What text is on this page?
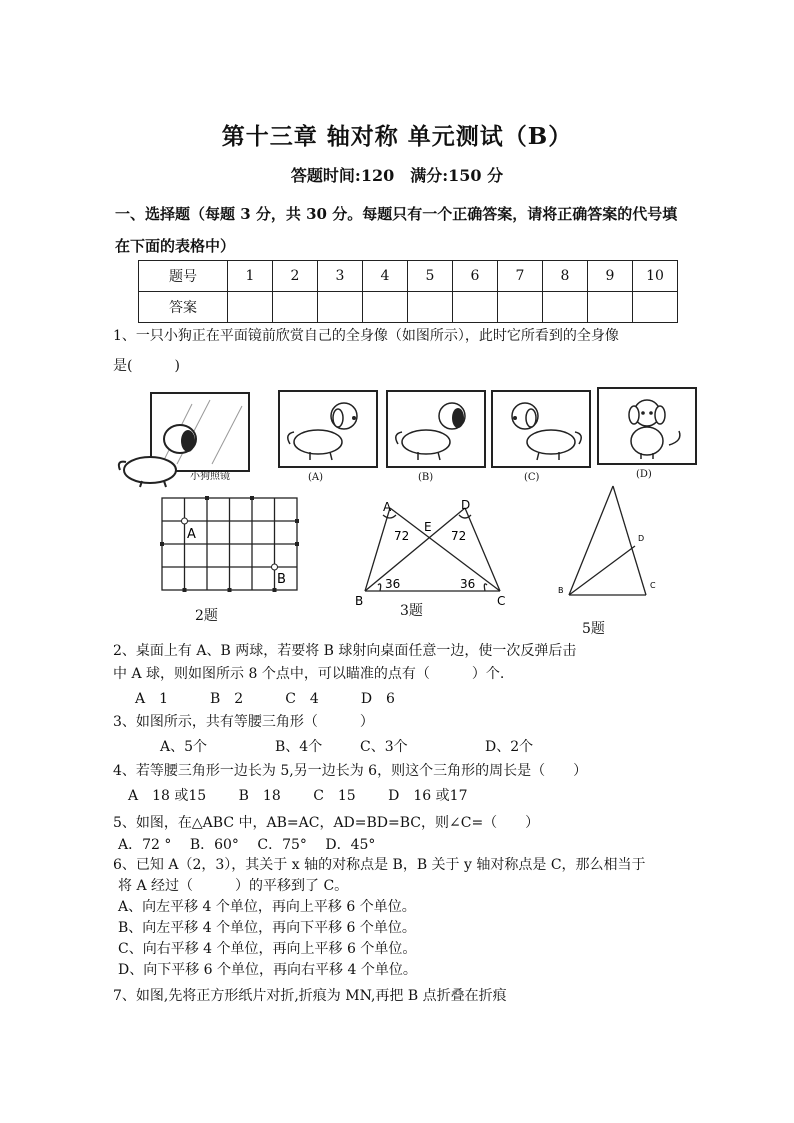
第十三章 轴对称 单元测试（B）
答题时间:120　满分:150 分
一、选择题（每题 3 分，共 30 分。每题只有一个正确答案，请将正确答案的代号填
在下面的表格中）
题号	1	2	3	4	5	6	7	8	9	10
答案										
1、一只小狗正在平面镜前欣赏自己的全身像（如图所示），此时它所看到的全身像
是(　　　)
小狗照镜	(A)	(B)	(C)	(D)
A
B
2题
A	D
E
B	C
72	72
36	36
3题
D
B
C
5题
2、桌面上有 A、B 两球，若要将 B 球射向桌面任意一边，使一次反弹后击
中 A 球，则如图所示 8 个点中，可以瞄准的点有（　　　）个.
A　1　　　B　2　　　C　4　　　D　6
3、如图所示，共有等腰三角形（　　　）
A、5个	B、4个	C、3个	D、2个
4、若等腰三角形一边长为 5,另一边长为 6，则这个三角形的周长是（　　）
A　18 或15　　 B　18　　 C　15　　 D　16 或17
5、如图，在△ABC 中，AB=AC，AD=BD=BC，则∠C=（　　）
A．72 °　 B．60°　 C．75°　 D．45°
6、已知 A（2，3），其关于 x 轴的对称点是 B，B 关于 y 轴对称点是 C，那么相当于
将 A 经过（　　　）的平移到了 C。
A、向左平移 4 个单位，再向上平移 6 个单位。
B、向左平移 4 个单位，再向下平移 6 个单位。
C、向右平移 4 个单位，再向上平移 6 个单位。
D、向下平移 6 个单位，再向右平移 4 个单位。
7、如图,先将正方形纸片对折,折痕为 MN,再把 B 点折叠在折痕
